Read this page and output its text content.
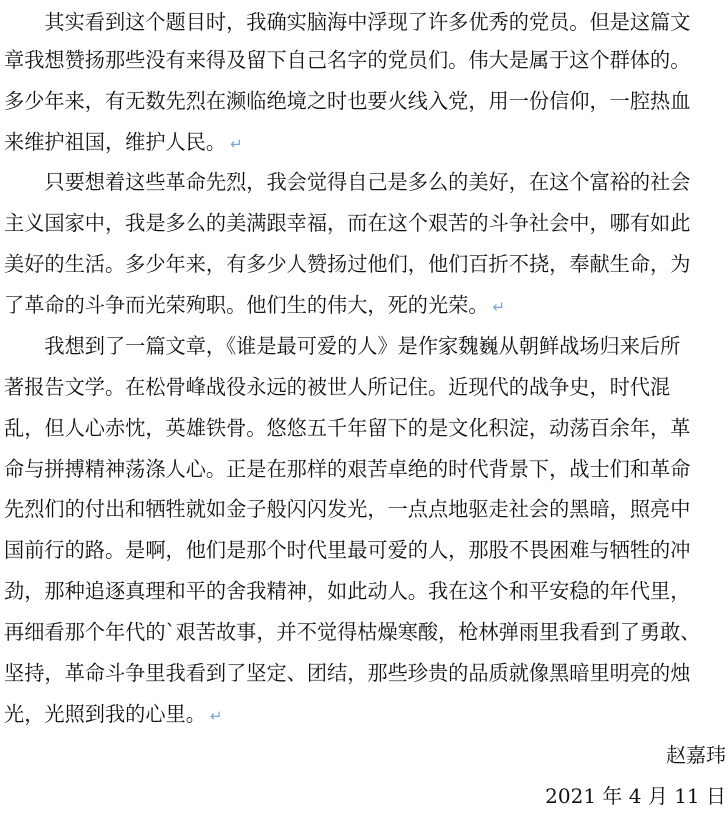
　　其实看到这个题目时，我确实脑海中浮现了许多优秀的党员。但是这篇文
章我想赞扬那些没有来得及留下自己名字的党员们。伟大是属于这个群体的。
多少年来，有无数先烈在濒临绝境之时也要火线入党，用一份信仰，一腔热血
来维护祖国，维护人民。 ↵
　　只要想着这些革命先烈，我会觉得自己是多么的美好，在这个富裕的社会
主义国家中，我是多么的美满跟幸福，而在这个艰苦的斗争社会中，哪有如此
美好的生活。多少年来，有多少人赞扬过他们，他们百折不挠，奉献生命，为
了革命的斗争而光荣殉职。他们生的伟大，死的光荣。 ↵
　　我想到了一篇文章，《谁是最可爱的人》是作家魏巍从朝鲜战场归来后所
著报告文学。在松骨峰战役永远的被世人所记住。近现代的战争史，时代混
乱，但人心赤忱，英雄铁骨。悠悠五千年留下的是文化积淀，动荡百余年，革
命与拼搏精神荡涤人心。正是在那样的艰苦卓绝的时代背景下，战士们和革命
先烈们的付出和牺牲就如金子般闪闪发光，一点点地驱走社会的黑暗，照亮中
国前行的路。是啊，他们是那个时代里最可爱的人，那股不畏困难与牺牲的冲
劲，那种追逐真理和平的舍我精神，如此动人。我在这个和平安稳的年代里，
再细看那个年代的`艰苦故事，并不觉得枯燥寒酸，枪林弹雨里我看到了勇敢、
坚持，革命斗争里我看到了坚定、团结，那些珍贵的品质就像黑暗里明亮的烛
光，光照到我的心里。 ↵
赵嘉玮
2021 年 4 月 11 日
